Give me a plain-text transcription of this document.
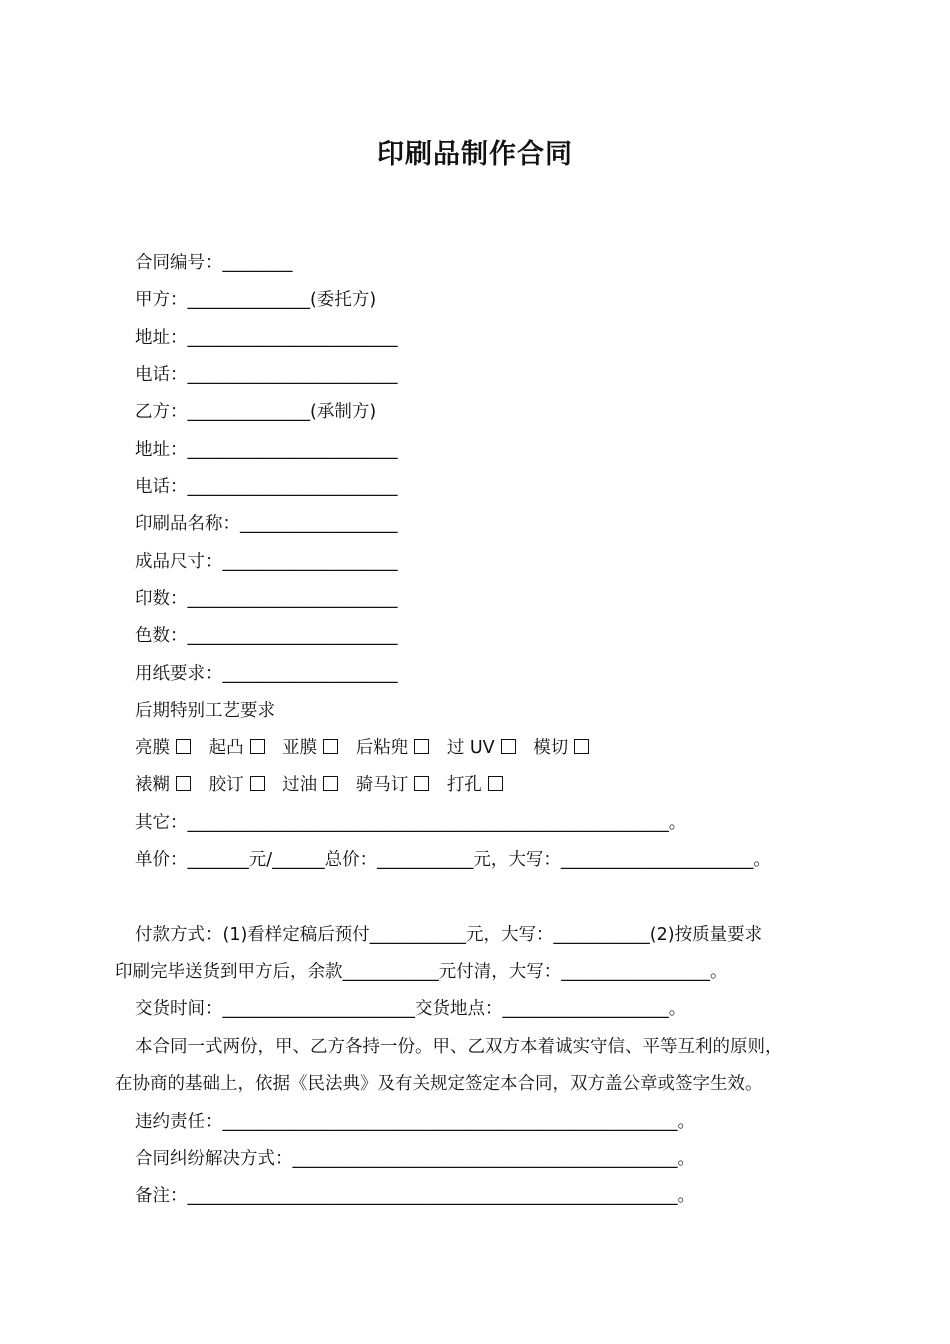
印刷品制作合同
合同编号：________
甲方：______________(委托方)
地址：________________________
电话：________________________
乙方：______________(承制方)
地址：________________________
电话：________________________
印刷品名称：__________________
成品尺寸：____________________
印数：________________________
色数：________________________
用纸要求：____________________
后期特别工艺要求
亮膜 起凸 亚膜 后粘兜 过 UV 模切
裱糊 胶订 过油 骑马订 打孔
其它：_______________________________________________________。
单价：_______元/______总价：___________元，大写：______________________。
付款方式：(1)看样定稿后预付___________元，大写：___________(2)按质量要求
印刷完毕送货到甲方后，余款___________元付清，大写：_________________。
交货时间：______________________交货地点：___________________。
本合同一式两份，甲、乙方各持一份。甲、乙双方本着诚实守信、平等互利的原则，
在协商的基础上，依据《民法典》及有关规定签定本合同，双方盖公章或签字生效。
违约责任：____________________________________________________。
合同纠纷解决方式：____________________________________________。
备注：________________________________________________________。
